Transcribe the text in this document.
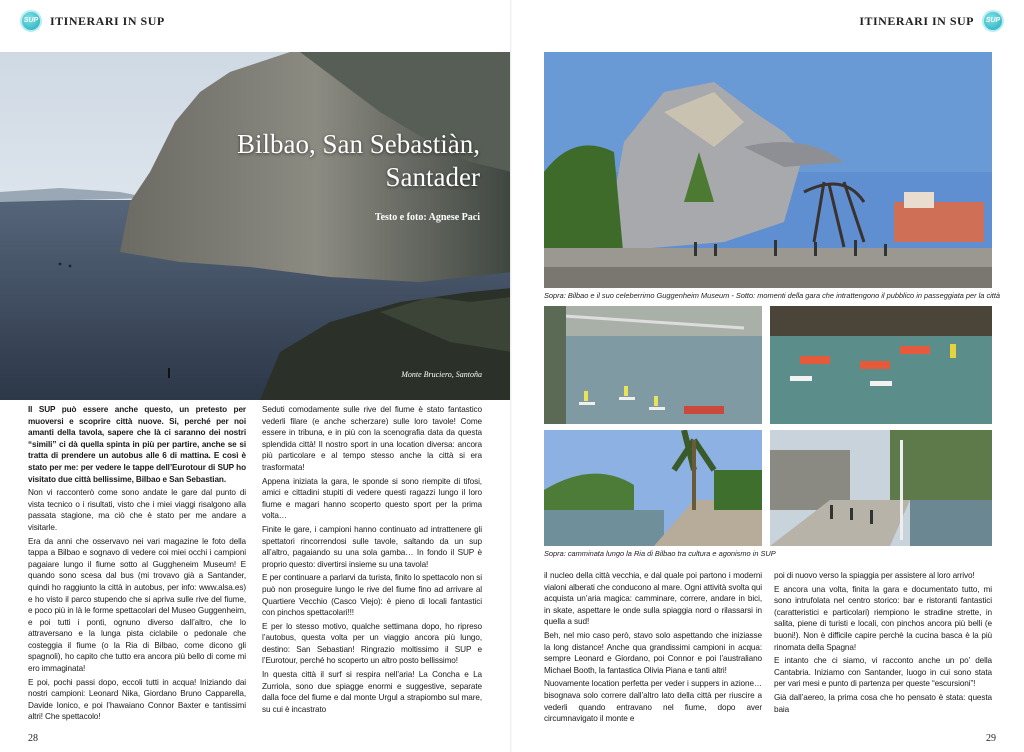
SUP ITINERARI IN SUP
Bilbao, San Sebastiàn,
Santader
Testo e foto: Agnese Paci
Monte Bruciero, Santoña

Il SUP può essere anche questo, un pretesto per muoversi e scoprire città nuove. Si, perché per noi amanti della tavola, sapere che là ci saranno dei nostri “simili” ci dà quella spinta in più per partire, anche se si tratta di prendere un autobus alle 6 di mattina. E così è stato per me: per vedere le tappe dell’Eurotour di SUP ho visitato due città bellissime, Bilbao e San Sebastian.

Non vi racconterò come sono andate le gare dal punto di vista tecnico o i risultati, visto che i miei viaggi risalgono alla passata stagione, ma ciò che è stato per me andare a visitarle.

Era da anni che osservavo nei vari magazine le foto della tappa a Bilbao e sognavo di vedere coi miei occhi i campioni pagaiare lungo il fiume sotto al Guggheneim Museum! E quando sono scesa dal bus (mi trovavo già a Santander, quindi ho raggiunto la città in autobus, per info: www.alsa.es) e ho visto il parco stupendo che si apriva sulle rive del fiume, e poco più in là le forme spettacolari del Museo Guggenheim, e poi tutti i ponti, ognuno diverso dall’altro, che lo attraversano e la lunga pista ciclabile o pedonale che costeggia il fiume (o la Ria di Bilbao, come dicono gli spagnoli), ho capito che tutto era ancora più bello di come mi ero immaginata!

E poi, pochi passi dopo, eccoli tutti in acqua! Iniziando dai nostri campioni: Leonard Nika, Giordano Bruno Capparella, Davide Ionico, e poi l’hawaiano Connor Baxter e tantissimi altri! Che spettacolo!

Seduti comodamente sulle rive del fiume è stato fantastico vederli filare (e anche scherzare) sulle loro tavole! Come essere in tribuna, e in più con la scenografia data da questa splendida città! Il nostro sport in una location diversa: ancora più particolare e al tempo stesso anche la città si era trasformata!

Appena iniziata la gara, le sponde si sono riempite di tifosi, amici e cittadini stupiti di vedere questi ragazzi lungo il loro fiume e magari hanno scoperto questo sport per la prima volta…

Finite le gare, i campioni hanno continuato ad intrattenere gli spettatori rincorrendosi sulle tavole, saltando da un sup all’altro, pagaiando su una sola gamba… In fondo il SUP è proprio questo: divertirsi insieme su una tavola!

E per continuare a parlarvi da turista, finito lo spettacolo non si può non proseguire lungo le rive del fiume fino ad arrivare al Quartiere Vecchio (Casco Viejo): è pieno di locali fantastici con pinchos spettacolari!!!

E per lo stesso motivo, qualche settimana dopo, ho ripreso l’autobus, questa volta per un viaggio ancora più lungo, destino: San Sebastian! Ringrazio moltissimo il SUP e l’Eurotour, perché ho scoperto un altro posto bellissimo!

In questa città il surf si respira nell’aria! La Concha e La Zurriola, sono due spiagge enormi e suggestive, separate dalla foce del fiume e dal monte Urgul a strapiombo sul mare, su cui è incastrato

28
ITINERARI IN SUP	SUP
Sopra: Bilbao e il suo celeberrimo Guggenheim Museum - Sotto: momenti della gara che intrattengono il pubblico in passeggiata per la città
Sopra: camminata lungo la Ria di Bilbao tra cultura e agonismo in SUP

il nucleo della città vecchia, e dal quale poi partono i moderni vialoni alberati che conducono al mare. Ogni attività svolta qui acquista un’aria magica: camminare, correre, andare in bici, in skate, aspettare le onde sulla spiaggia nord o rilassarsi in quella a sud!

Beh, nel mio caso però, stavo solo aspettando che iniziasse la long distance! Anche qua grandissimi campioni in acqua: sempre Leonard e Giordano, poi Connor e poi l’australiano Michael Booth, la fantastica Olivia Piana e tanti altri!

Nuovamente location perfetta per veder i suppers in azione… bisognava solo correre dall’altro lato della città per riuscire a vederli quando entravano nel fiume, dopo aver circumnavigato il monte e

poi di nuovo verso la spiaggia per assistere al loro arrivo!

E ancora una volta, finita la gara e documentato tutto, mi sono intrufolata nel centro storico: bar e ristoranti fantastici (caratteristici e particolari) riempiono le stradine strette, in salita, piene di turisti e locali, con pinchos ancora più belli (e buoni!). Non è difficile capire perchè la cucina basca è la più rinomata della Spagna!

E intanto che ci siamo, vi racconto anche un po’ della Cantabria. Iniziamo con Santander, luogo in cui sono stata per vari mesi e punto di partenza per queste “escursioni”!

Già dall’aereo, la prima cosa che ho pensato è stata: questa baia

29
